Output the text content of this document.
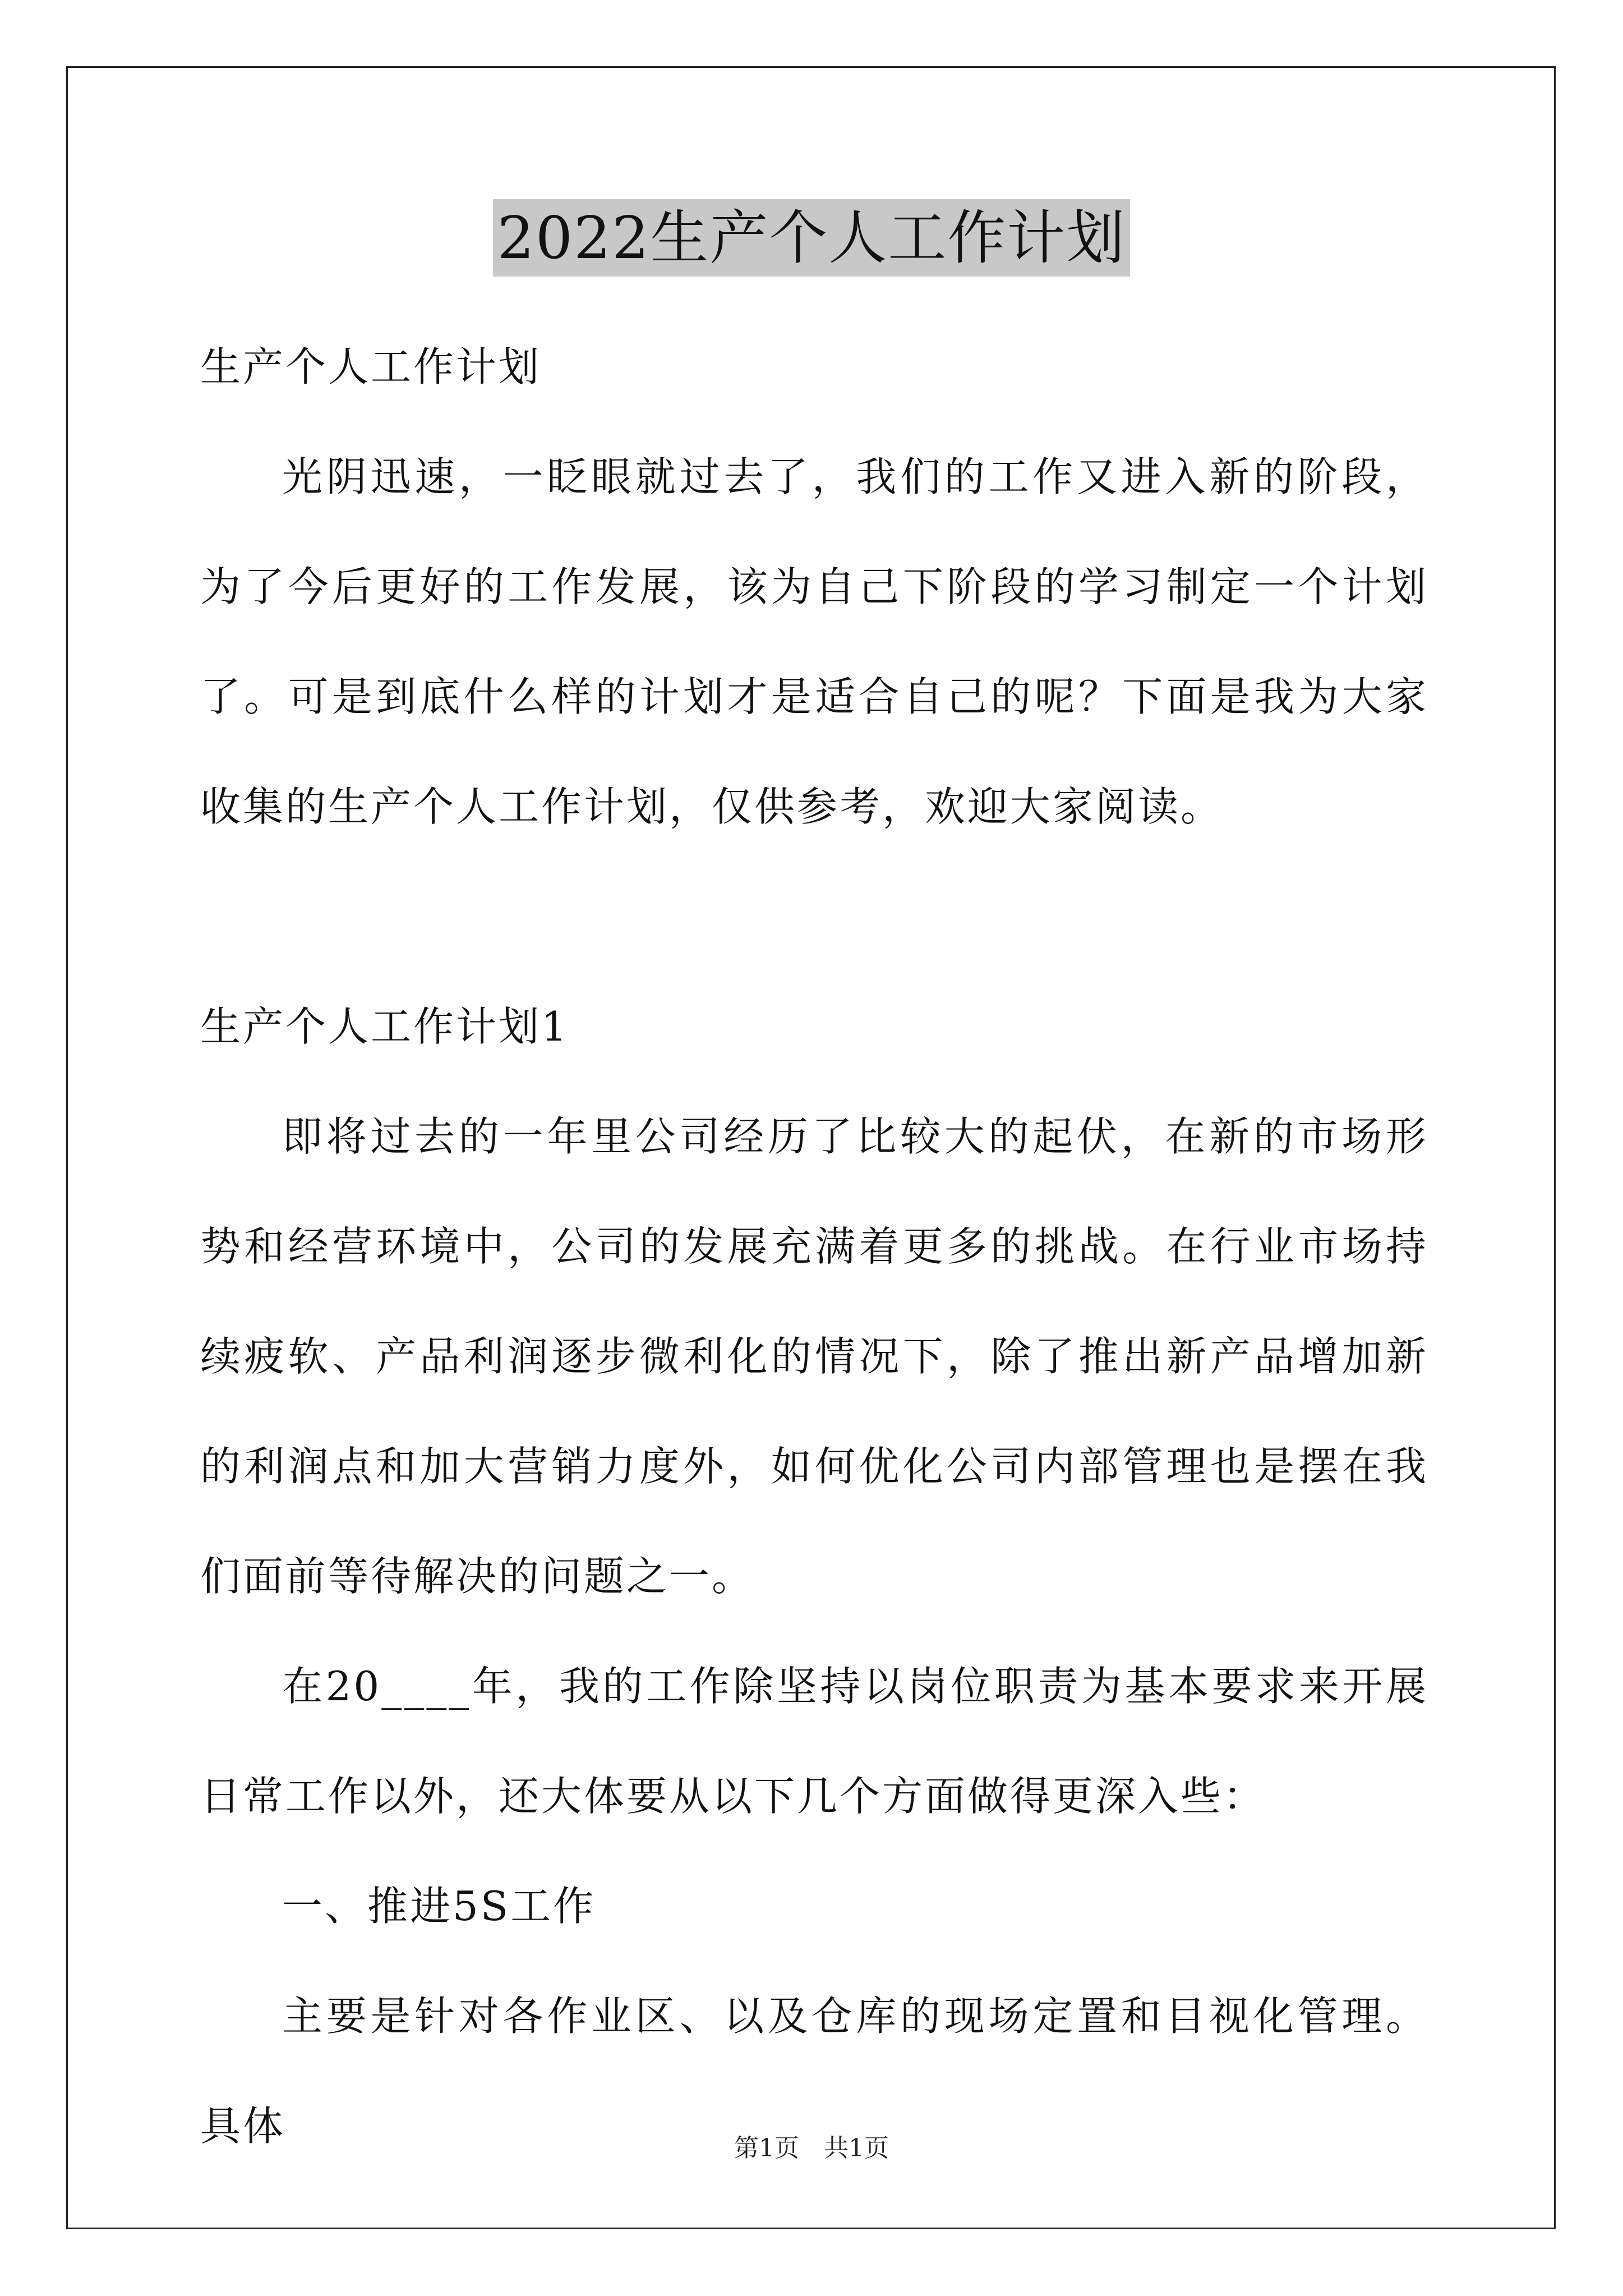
2022生产个人工作计划

生产个人工作计划

光阴迅速，一眨眼就过去了，我们的工作又进入新的阶段，为了今后更好的工作发展，该为自己下阶段的学习制定一个计划了。可是到底什么样的计划才是适合自己的呢？下面是我为大家收集的生产个人工作计划，仅供参考，欢迎大家阅读。

生产个人工作计划1

即将过去的一年里公司经历了比较大的起伏，在新的市场形势和经营环境中，公司的发展充满着更多的挑战。在行业市场持续疲软、产品利润逐步微利化的情况下，除了推出新产品增加新的利润点和加大营销力度外，如何优化公司内部管理也是摆在我们面前等待解决的问题之一。

在20____年，我的工作除坚持以岗位职责为基本要求来开展日常工作以外，还大体要从以下几个方面做得更深入些：

一、推进5S工作

主要是针对各作业区、以及仓库的现场定置和目视化管理。具体	第1页　共1页
